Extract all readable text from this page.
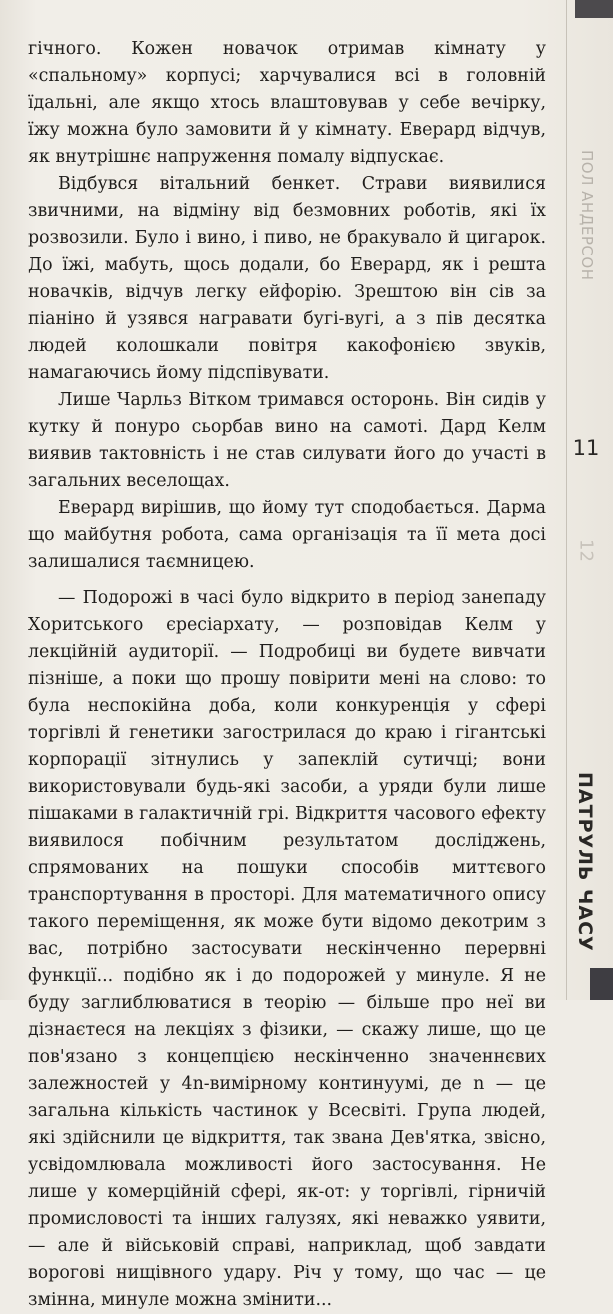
гічного. Кожен новачок отримав кімнату у «спальному» корпусі; харчувалися всі в головній їдальні, але якщо хтось влаштовував у себе вечірку, їжу можна було замовити й у кімнату. Еверард відчув, як внутрішнє напруження помалу відпускає.

Відбувся вітальний бенкет. Страви виявилися звичними, на відміну від безмовних роботів, які їх розвозили. Було і вино, і пиво, не бракувало й цигарок. До їжі, мабуть, щось додали, бо Еверард, як і решта новачків, відчув легку ейфорію. Зрештою він сів за піаніно й узявся награвати бугі-вугі, а з пів десятка людей колошкали повітря какофонією звуків, намагаючись йому підспівувати.

Лише Чарльз Вітком тримався осторонь. Він сидів у кутку й понуро сьорбав вино на самоті. Дард Келм виявив тактовність і не став силувати його до участі в загальних веселощах.

Еверард вирішив, що йому тут сподобається. Дарма що майбутня робота, сама організація та її мета досі залишалися таємницею.

— Подорожі в часі було відкрито в період занепаду Хоритського єресіархату, — розповідав Келм у лекційній аудиторії. — Подробиці ви будете вивчати пізніше, а поки що прошу повірити мені на слово: то була неспокійна доба, коли конкуренція у сфері торгівлі й генетики загострилася до краю і гігантські корпорації зітнулись у запеклій сутичці; вони використовували будь-які засоби, а уряди були лише пішаками в галактичній грі. Відкриття часового ефекту виявилося побічним результатом досліджень, спрямованих на пошуки способів миттєвого транспортування в просторі. Для математичного опису такого переміщення, як може бути відомо декотрим з вас, потрібно застосувати нескінченно перервні функції... подібно як і до подорожей у минуле. Я не буду заглиблюватися в теорію — більше про неї ви дізнаєтеся на лекціях з фізики, — скажу лише, що це пов'язано з концепцією нескінченно значеннєвих залежностей у 4n-вимірному континуумі, де n — це загальна кількість частинок у Всесвіті. Група людей, які здійснили це відкриття, так звана Дев'ятка, звісно, усвідомлювала можливості його застосування. Не лише у комерційній сфері, як-от: у торгівлі, гірничій промисловості та інших галузях, які неважко уявити, — але й військовій справі, наприклад, щоб завдати ворогові нищівного удару. Річ у тому, що час — це змінна, минуле можна змінити...

ПОЛ АНДЕРСОН
11
12
ПАТРУЛЬ ЧАСУ
